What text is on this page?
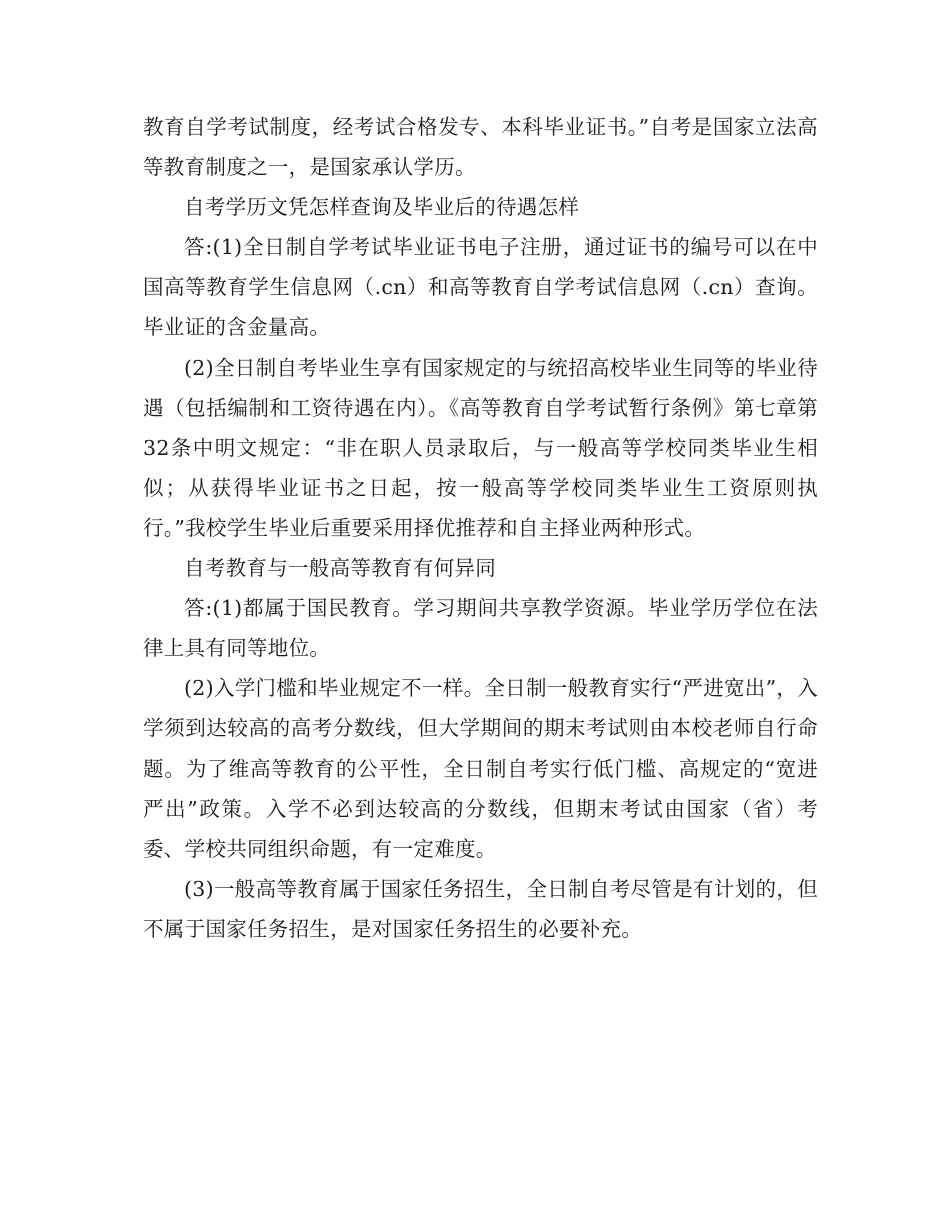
教育自学考试制度，经考试合格发专、本科毕业证书。”自考是国家立法高等教育制度之一，是国家承认学历。

自考学历文凭怎样查询及毕业后的待遇怎样

答:(1)全日制自学考试毕业证书电子注册，通过证书的编号可以在中国高等教育学生信息网（.cn）和高等教育自学考试信息网（.cn）查询。毕业证的含金量高。

(2)全日制自考毕业生享有国家规定的与统招高校毕业生同等的毕业待遇（包括编制和工资待遇在内）。《高等教育自学考试暂行条例》第七章第32条中明文规定：“非在职人员录取后，与一般高等学校同类毕业生相似；从获得毕业证书之日起，按一般高等学校同类毕业生工资原则执行。”我校学生毕业后重要采用择优推荐和自主择业两种形式。

自考教育与一般高等教育有何异同

答:(1)都属于国民教育。学习期间共享教学资源。毕业学历学位在法律上具有同等地位。

(2)入学门槛和毕业规定不一样。全日制一般教育实行“严进宽出”，入学须到达较高的高考分数线，但大学期间的期末考试则由本校老师自行命题。为了维高等教育的公平性，全日制自考实行低门槛、高规定的“宽进严出”政策。入学不必到达较高的分数线，但期末考试由国家（省）考委、学校共同组织命题，有一定难度。

(3)一般高等教育属于国家任务招生，全日制自考尽管是有计划的，但不属于国家任务招生，是对国家任务招生的必要补充。
